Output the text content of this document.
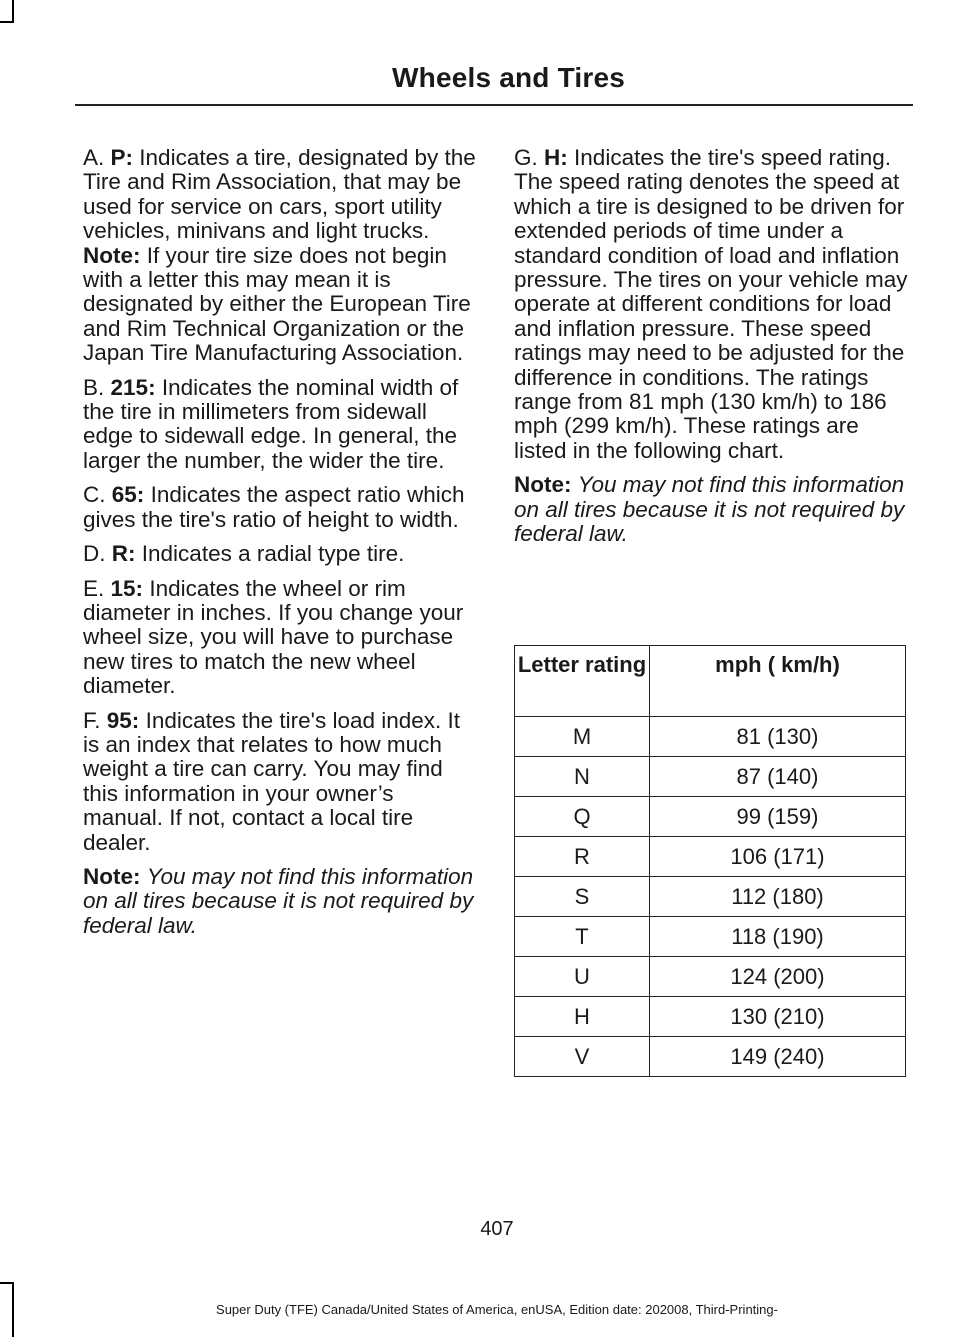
Wheels and Tires

A. P: Indicates a tire, designated by the Tire and Rim Association, that may be used for service on cars, sport utility vehicles, minivans and light trucks. Note: If your tire size does not begin with a letter this may mean it is designated by either the European Tire and Rim Technical Organization or the Japan Tire Manufacturing Association.

B. 215: Indicates the nominal width of the tire in millimeters from sidewall edge to sidewall edge. In general, the larger the number, the wider the tire.

C. 65: Indicates the aspect ratio which gives the tire's ratio of height to width.

D. R: Indicates a radial type tire.

E. 15: Indicates the wheel or rim diameter in inches. If you change your wheel size, you will have to purchase new tires to match the new wheel diameter.

F. 95: Indicates the tire's load index. It is an index that relates to how much weight a tire can carry. You may find this information in your owner’s manual. If not, contact a local tire dealer.

Note: You may not find this information on all tires because it is not required by federal law.

G. H: Indicates the tire's speed rating. The speed rating denotes the speed at which a tire is designed to be driven for extended periods of time under a standard condition of load and inflation pressure. The tires on your vehicle may operate at different conditions for load and inflation pressure. These speed ratings may need to be adjusted for the difference in conditions. The ratings range from 81 mph (130 km/h) to 186 mph (299 km/h). These ratings are listed in the following chart.

Note: You may not find this information on all tires because it is not required by federal law.

Letter rating	mph ( km/h)
M	81 (130)
N	87 (140)
Q	99 (159)
R	106 (171)
S	112 (180)
T	118 (190)
U	124 (200)
H	130 (210)
V	149 (240)
407
Super Duty (TFE) Canada/United States of America, enUSA, Edition date: 202008, Third-Printing-
